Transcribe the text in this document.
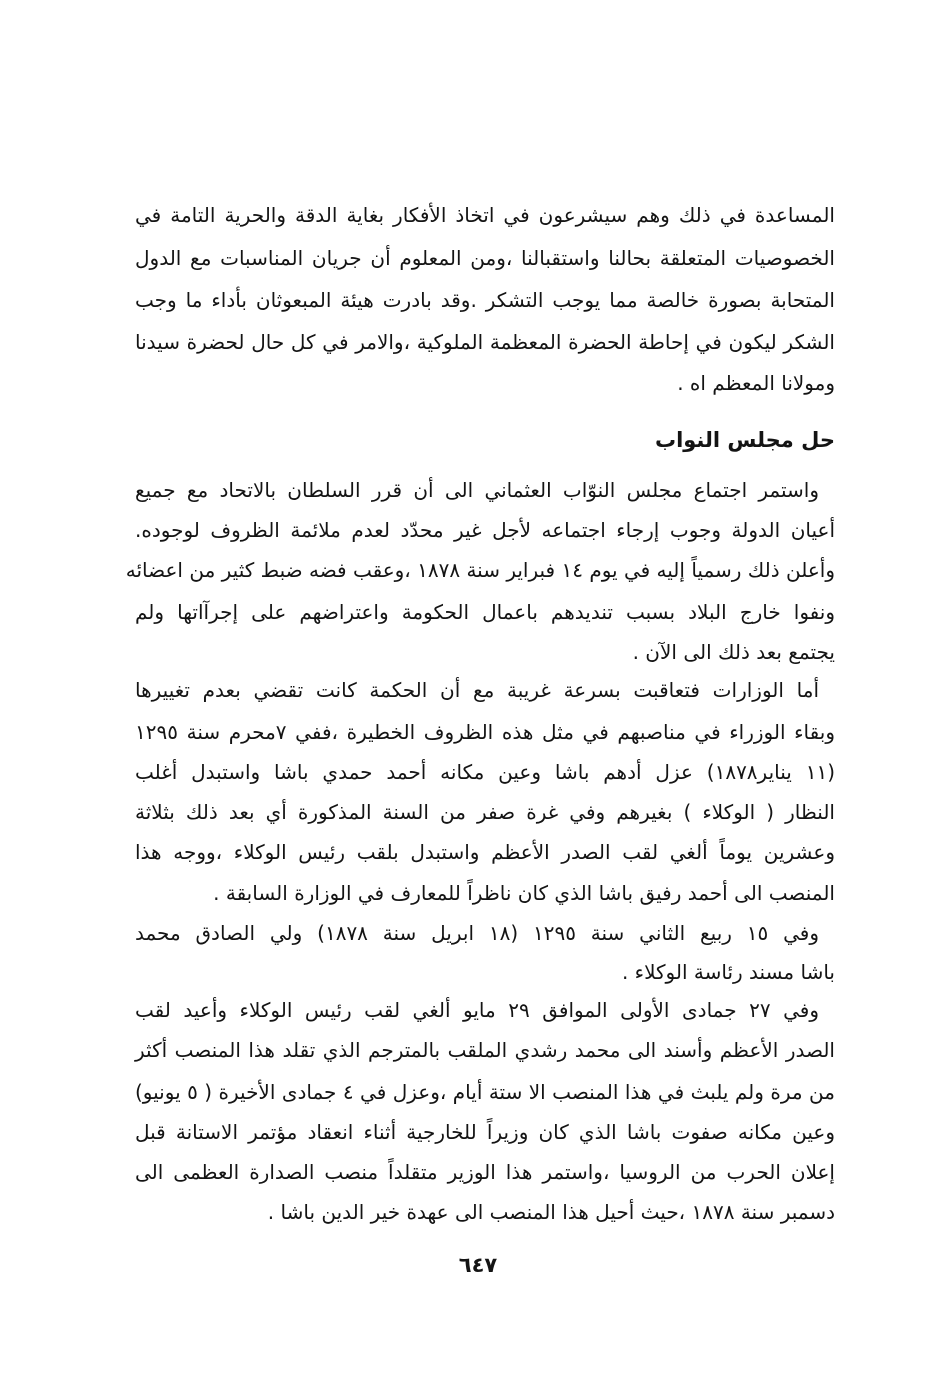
المساعدة في ذلك وهم سيشرعون في اتخاذ الأفكار بغاية الدقة والحرية التامة في
الخصوصيات المتعلقة بحالنا واستقبالنا ،ومن المعلوم أن جريان المناسبات مع الدول
المتحابة بصورة خالصة مما يوجب التشكر .وقد بادرت هيئة المبعوثان بأداء ما وجب
الشكر ليكون في إحاطة الحضرة المعظمة الملوكية ،والامر في كل حال لحضرة سيدنا
ومولانا المعظم اه .
حل مجلس النواب
واستمر اجتماع مجلس النوّاب العثماني الى أن قرر السلطان بالاتحاد مع جميع
أعيان الدولة وجوب إرجاء اجتماعه لأجل غير محدّد لعدم ملائمة الظروف لوجوده.
وأعلن ذلك رسمياً إليه في يوم ١٤ فبراير سنة ١٨٧٨ ،وعقب فضه ضبط كثير من اعضائه
ونفوا خارج البلاد بسبب تنديدهم باعمال الحكومة واعتراضهم على إجرآاتها ولم
يجتمع بعد ذلك الى الآن .
أما الوزارات فتعاقبت بسرعة غريبة مع أن الحكمة كانت تقضي بعدم تغييرها
وبقاء الوزراء في مناصبهم في مثل هذه الظروف الخطيرة ،ففي ٧محرم سنة ١٢٩٥
(١١ يناير١٨٧٨) عزل أدهم باشا وعين مكانه أحمد حمدي باشا واستبدل أغلب
النظار ( الوكلاء ) بغيرهم وفي غرة صفر من السنة المذكورة أي بعد ذلك بثلاثة
وعشرين يوماً ألغي لقب الصدر الأعظم واستبدل بلقب رئيس الوكلاء ،ووجه هذا
المنصب الى أحمد رفيق باشا الذي كان ناظراً للمعارف في الوزارة السابقة .
وفي ١٥ ربيع الثاني سنة ١٢٩٥ (١٨ ابريل سنة ١٨٧٨) ولي الصادق محمد
باشا مسند رئاسة الوكلاء .
وفي ٢٧ جمادى الأولى الموافق ٢٩ مايو ألغي لقب رئيس الوكلاء وأعيد لقب
الصدر الأعظم وأسند الى محمد رشدي الملقب بالمترجم الذي تقلد هذا المنصب أكثر
من مرة ولم يلبث في هذا المنصب الا ستة أيام ،وعزل في ٤ جمادى الأخيرة ( ٥ يونيو)
وعين مكانه صفوت باشا الذي كان وزيراً للخارجية أثناء انعقاد مؤتمر الاستانة قبل
إعلان الحرب من الروسيا ،واستمر هذا الوزير متقلداً منصب الصدارة العظمى الى
دسمبر سنة ١٨٧٨ ،حيث أحيل هذا المنصب الى عهدة خير الدين باشا .
٦٤٧
